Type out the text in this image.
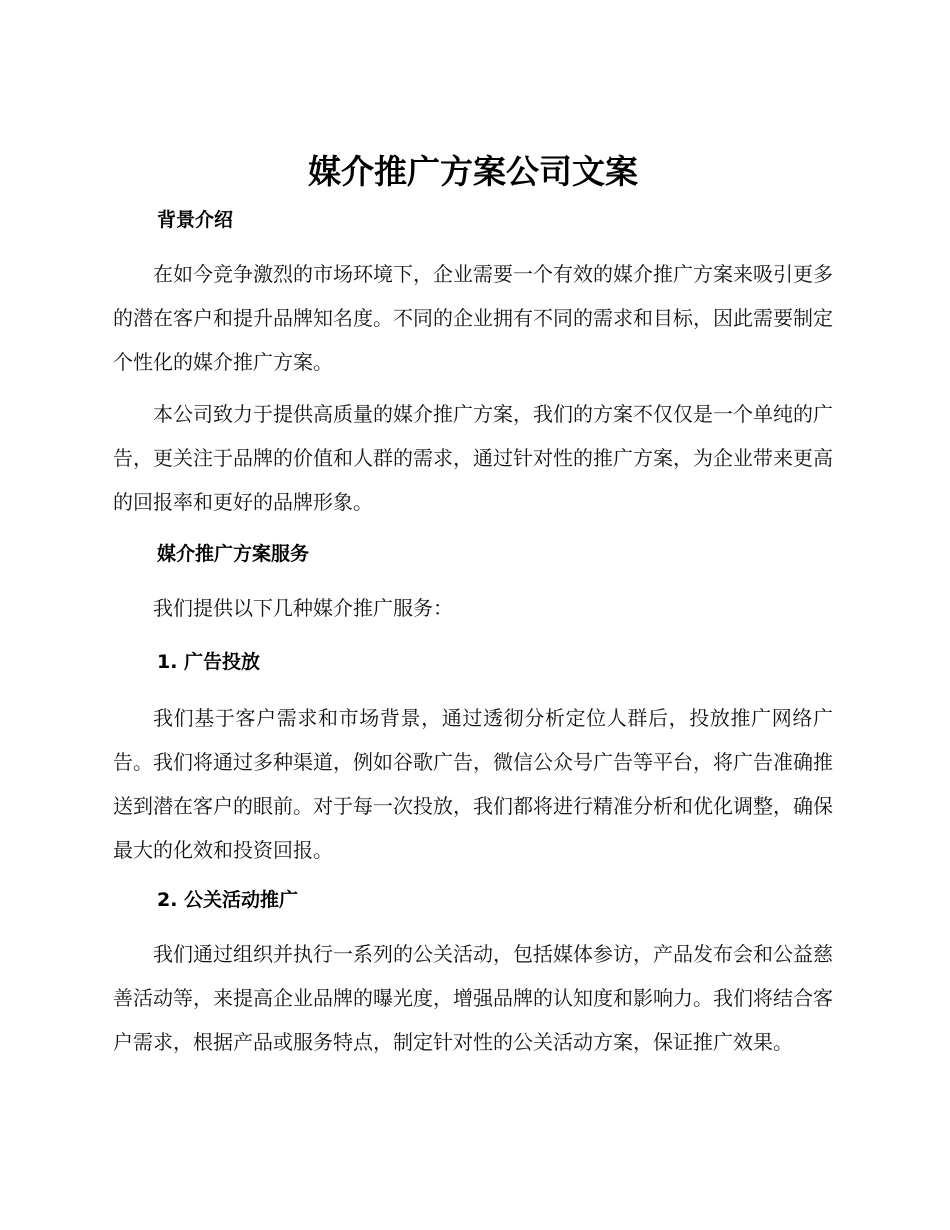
媒介推广方案公司文案
背景介绍

在如今竞争激烈的市场环境下，企业需要一个有效的媒介推广方案来吸引更多的潜在客户和提升品牌知名度。不同的企业拥有不同的需求和目标，因此需要制定个性化的媒介推广方案。

本公司致力于提供高质量的媒介推广方案，我们的方案不仅仅是一个单纯的广告，更关注于品牌的价值和人群的需求，通过针对性的推广方案，为企业带来更高的回报率和更好的品牌形象。

媒介推广方案服务

我们提供以下几种媒介推广服务：

1. 广告投放

我们基于客户需求和市场背景，通过透彻分析定位人群后，投放推广网络广告。我们将通过多种渠道，例如谷歌广告，微信公众号广告等平台，将广告准确推送到潜在客户的眼前。对于每一次投放，我们都将进行精准分析和优化调整，确保最大的化效和投资回报。

2. 公关活动推广

我们通过组织并执行一系列的公关活动，包括媒体参访，产品发布会和公益慈善活动等，来提高企业品牌的曝光度，增强品牌的认知度和影响力。我们将结合客户需求，根据产品或服务特点，制定针对性的公关活动方案，保证推广效果。
